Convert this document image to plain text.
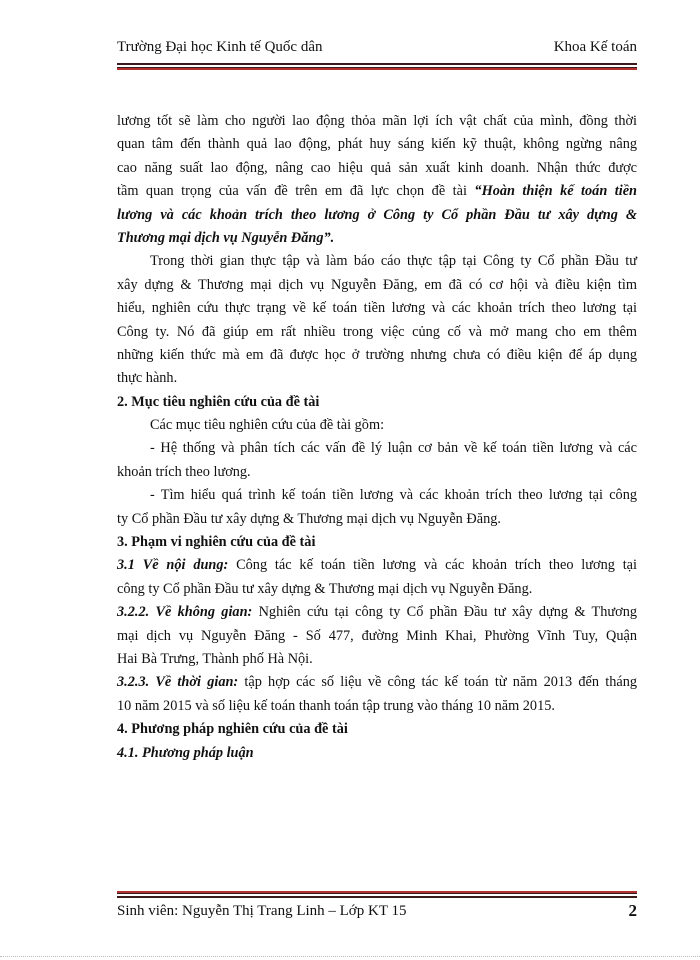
Trường Đại học Kinh tế Quốc dân	Khoa Kế toán
lương tốt sẽ làm cho người lao động thỏa mãn lợi ích vật chất của mình, đồng thời
quan tâm đến thành quả lao động, phát huy sáng kiến kỹ thuật, không ngừng nâng
cao năng suất lao động, nâng cao hiệu quả sản xuất kinh doanh. Nhận thức được
tầm quan trọng của vấn đề trên em đã lực chọn đề tài “Hoàn thiện kế toán tiền
lương và các khoản trích theo lương ở Công ty Cổ phần Đầu tư xây dựng &
Thương mại dịch vụ Nguyễn Đăng”.
Trong thời gian thực tập và làm báo cáo thực tập tại Công ty Cổ phần Đầu tư
xây dựng & Thương mại dịch vụ Nguyễn Đăng, em đã có cơ hội và điều kiện tìm
hiểu, nghiên cứu thực trạng về kế toán tiền lương và các khoản trích theo lương tại
Công ty. Nó đã giúp em rất nhiều trong việc củng cố và mở mang cho em thêm
những kiến thức mà em đã được học ở trường nhưng chưa có điều kiện để áp dụng
thực hành.
2. Mục tiêu nghiên cứu của đề tài
Các mục tiêu nghiên cứu của đề tài gồm:
- Hệ thống và phân tích các vấn đề lý luận cơ bản về kế toán tiền lương và các
khoản trích theo lương.
- Tìm hiểu quá trình kế toán tiền lương và các khoản trích theo lương tại công
ty Cổ phần Đầu tư xây dựng & Thương mại dịch vụ Nguyễn Đăng.
3. Phạm vi nghiên cứu của đề tài
3.1 Về nội dung: Công tác kế toán tiền lương và các khoản trích theo lương tại
công ty Cổ phần Đầu tư xây dựng & Thương mại dịch vụ Nguyễn Đăng.
3.2.2. Về không gian: Nghiên cứu tại công ty Cổ phần Đầu tư xây dựng & Thương
mại dịch vụ Nguyễn Đăng - Số 477, đường Minh Khai, Phường Vĩnh Tuy, Quận
Hai Bà Trưng, Thành phố Hà Nội.
3.2.3. Về thời gian: tập hợp các số liệu về công tác kế toán từ năm 2013 đến tháng
10 năm 2015 và số liệu kế toán thanh toán tập trung vào tháng 10 năm 2015.
4. Phương pháp nghiên cứu của đề tài
4.1. Phương pháp luận
Sinh viên: Nguyễn Thị Trang Linh – Lớp KT 15	2
